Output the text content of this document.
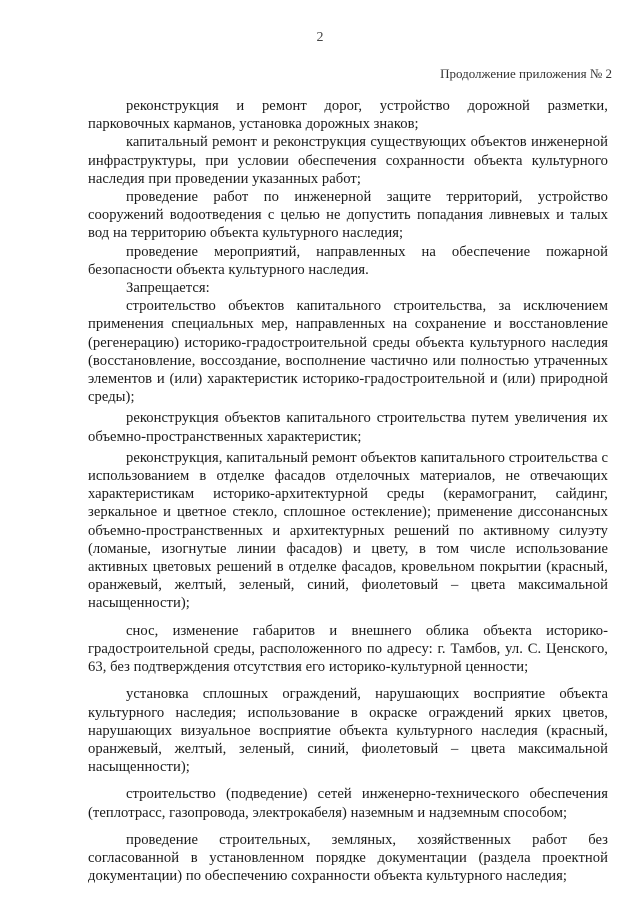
2
Продолжение приложения № 2

реконструкция и ремонт дорог, устройство дорожной разметки, парковочных карманов, установка дорожных знаков;

капитальный ремонт и реконструкция существующих объектов инженерной инфраструктуры, при условии обеспечения сохранности объекта культурного наследия при проведении указанных работ;

проведение работ по инженерной защите территорий, устройство сооружений водоотведения с целью не допустить попадания ливневых и талых вод на территорию объекта культурного наследия;

проведение мероприятий, направленных на обеспечение пожарной безопасности объекта культурного наследия.

Запрещается:

строительство объектов капитального строительства, за исключением применения специальных мер, направленных на сохранение и восстановление (регенерацию) историко-градостроительной среды объекта культурного наследия (восстановление, воссоздание, восполнение частично или полностью утраченных элементов и (или) характеристик историко-градостроительной и (или) природной среды);

реконструкция объектов капитального строительства путем увеличения их объемно-пространственных характеристик;

реконструкция, капитальный ремонт объектов капитального строительства с использованием в отделке фасадов отделочных материалов, не отвечающих характеристикам историко-архитектурной среды (керамогранит, сайдинг, зеркальное и цветное стекло, сплошное остекление); применение диссонансных объемно-пространственных и архитектурных решений по активному силуэту (ломаные, изогнутые линии фасадов) и цвету, в том числе использование активных цветовых решений в отделке фасадов, кровельном покрытии (красный, оранжевый, желтый, зеленый, синий, фиолетовый – цвета максимальной насыщенности);

снос, изменение габаритов и внешнего облика объекта историко-градостроительной среды, расположенного по адресу: г. Тамбов, ул. С. Ценского, 63, без подтверждения отсутствия его историко-культурной ценности;

установка сплошных ограждений, нарушающих восприятие объекта культурного наследия; использование в окраске ограждений ярких цветов, нарушающих визуальное восприятие объекта культурного наследия (красный, оранжевый, желтый, зеленый, синий, фиолетовый – цвета максимальной насыщенности);

строительство (подведение) сетей инженерно-технического обеспечения (теплотрасс, газопровода, электрокабеля) наземным и надземным способом;

проведение строительных, земляных, хозяйственных работ без согласованной в установленном порядке документации (раздела проектной документации) по обеспечению сохранности объекта культурного наследия;
